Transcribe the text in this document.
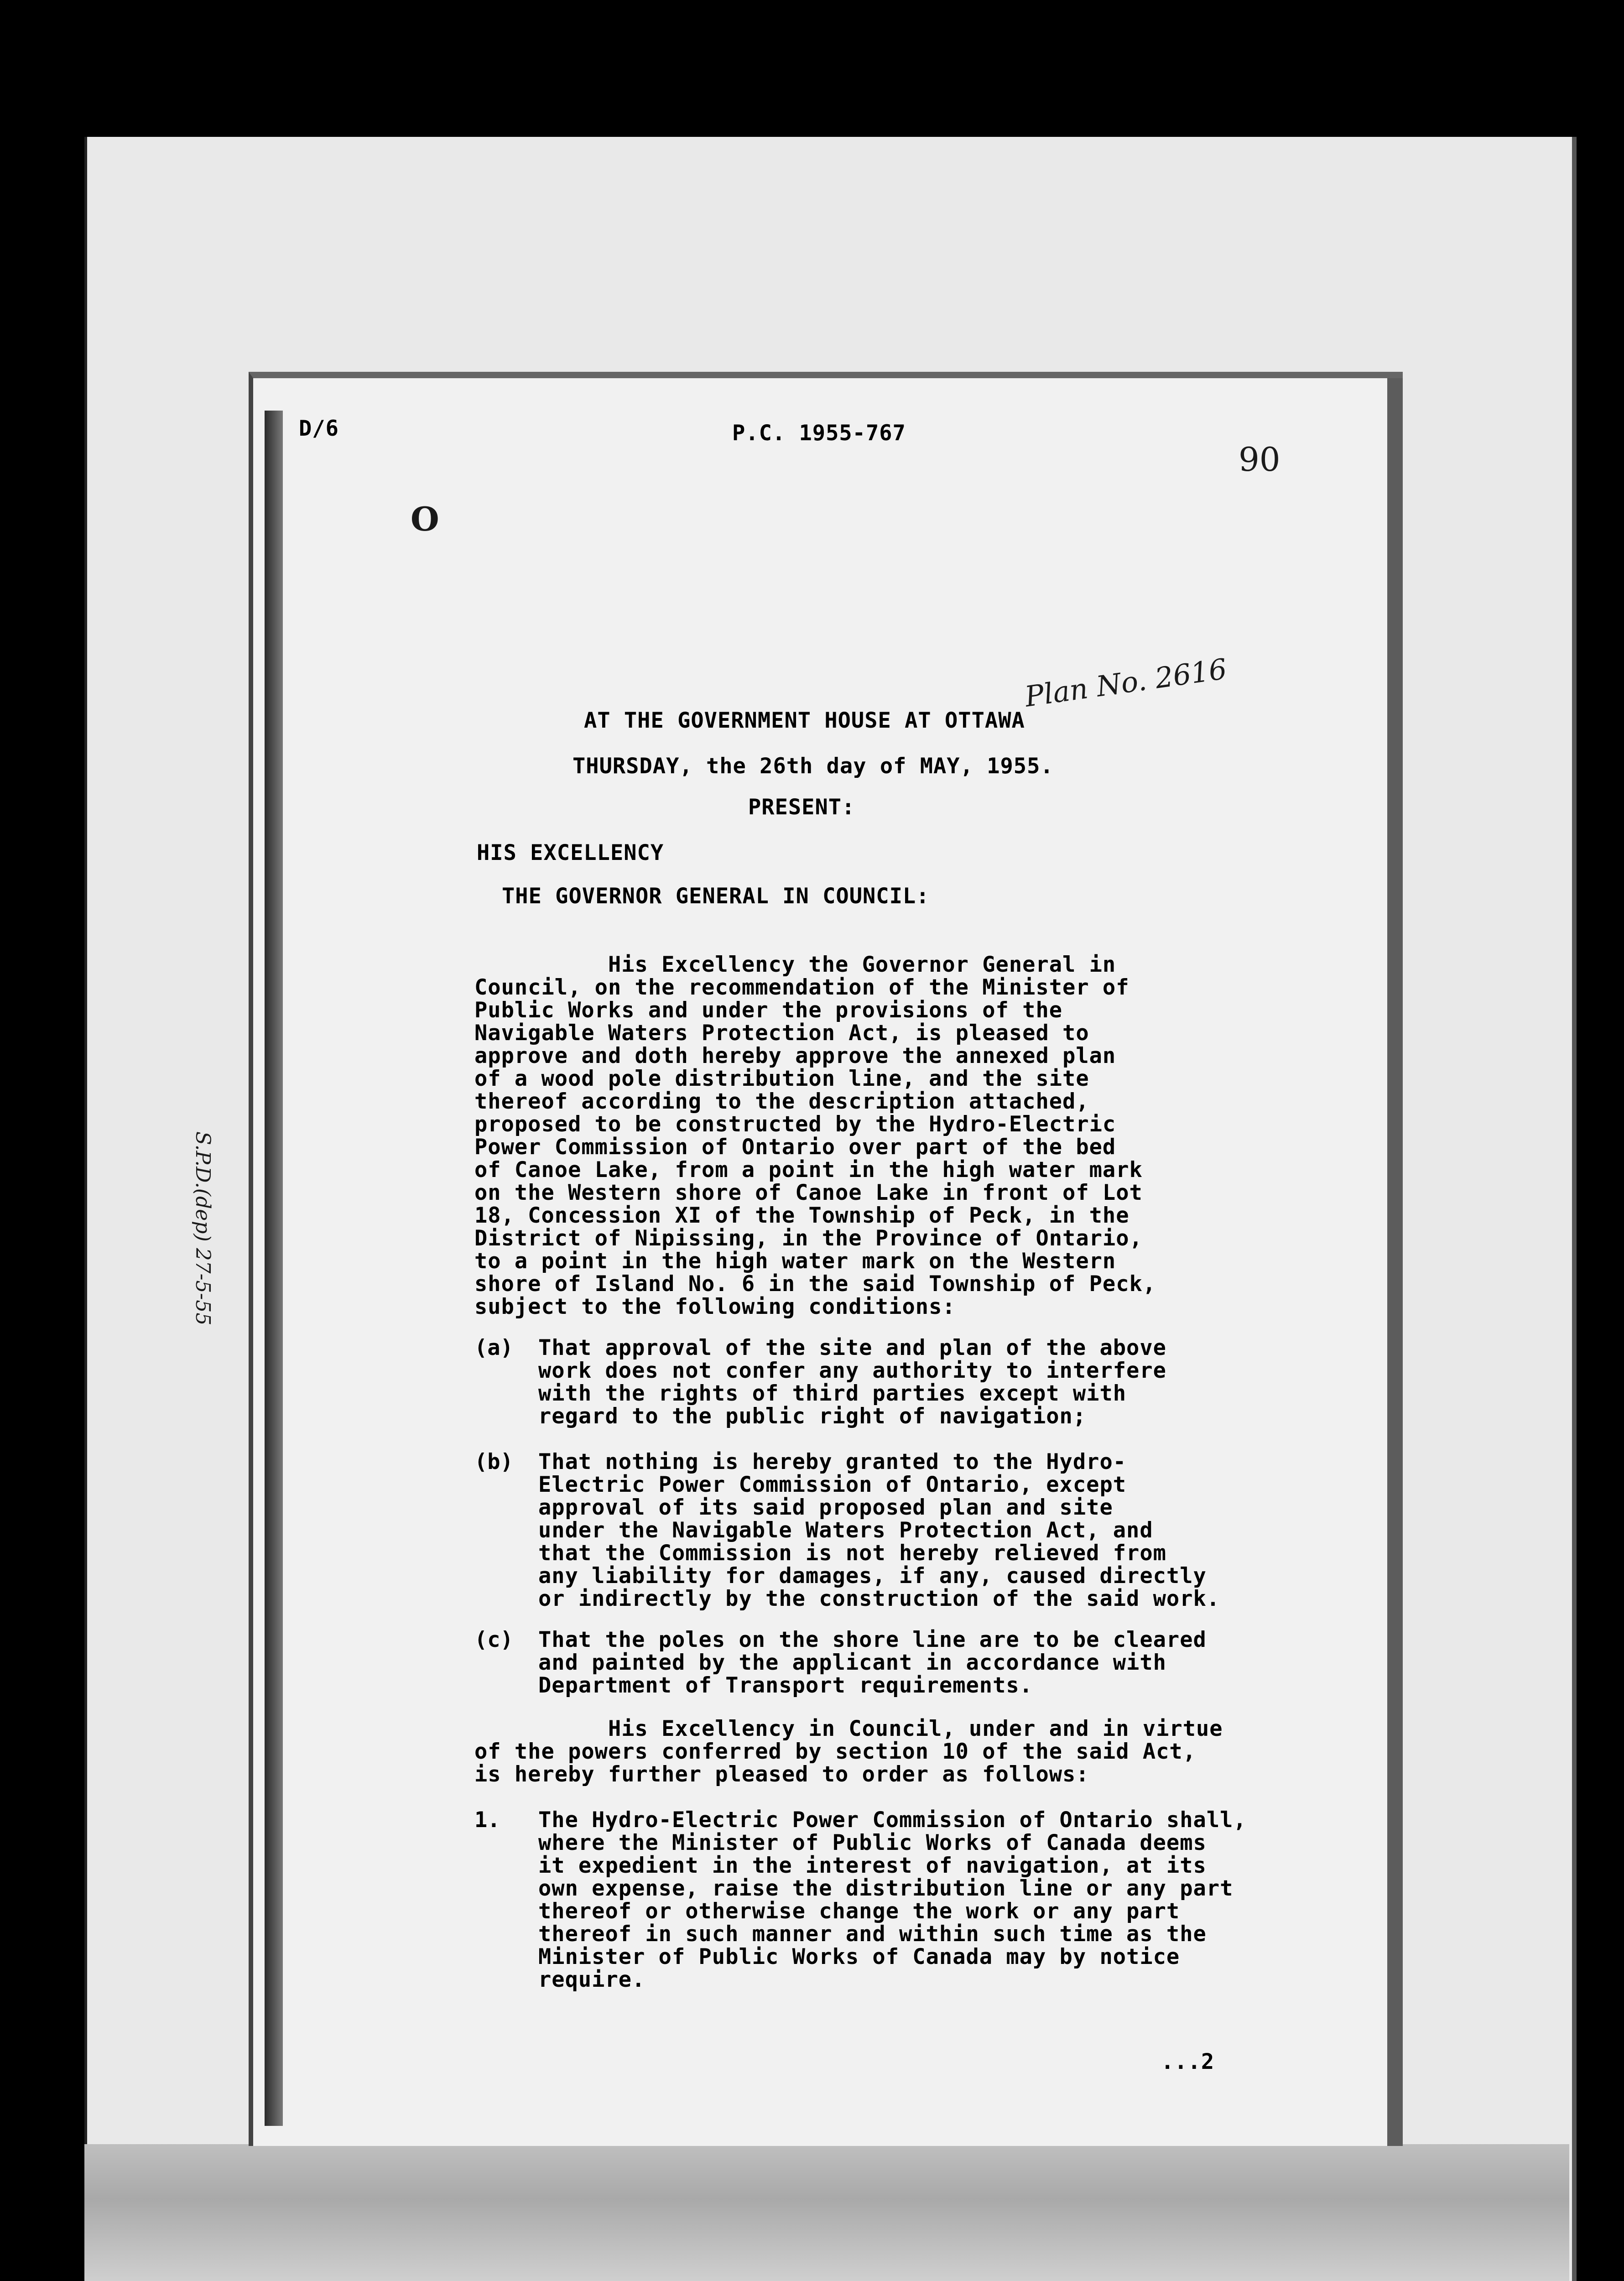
D/6	P.C. 1955-767
90
O
Plan No. 2616
S.P.D.(dep) 27-5-55
AT THE GOVERNMENT HOUSE AT OTTAWA
THURSDAY, the 26th day of MAY, 1955.
PRESENT:
HIS EXCELLENCY
THE GOVERNOR GENERAL IN COUNCIL:
His Excellency the Governor General in
Council, on the recommendation of the Minister of
Public Works and under the provisions of the
Navigable Waters Protection Act, is pleased to
approve and doth hereby approve the annexed plan
of a wood pole distribution line, and the site
thereof according to the description attached,
proposed to be constructed by the Hydro-Electric
Power Commission of Ontario over part of the bed
of Canoe Lake, from a point in the high water mark
on the Western shore of Canoe Lake in front of Lot
18, Concession XI of the Township of Peck, in the
District of Nipissing, in the Province of Ontario,
to a point in the high water mark on the Western
shore of Island No. 6 in the said Township of Peck,
subject to the following conditions:
(a) That approval of the site and plan of the above
work does not confer any authority to interfere
with the rights of third parties except with
regard to the public right of navigation;
(b) That nothing is hereby granted to the Hydro-
Electric Power Commission of Ontario, except
approval of its said proposed plan and site
under the Navigable Waters Protection Act, and
that the Commission is not hereby relieved from
any liability for damages, if any, caused directly
or indirectly by the construction of the said work.
(c) That the poles on the shore line are to be cleared
and painted by the applicant in accordance with
Department of Transport requirements.
His Excellency in Council, under and in virtue
of the powers conferred by section 10 of the said Act,
is hereby further pleased to order as follows:
1. The Hydro-Electric Power Commission of Ontario shall,
where the Minister of Public Works of Canada deems
it expedient in the interest of navigation, at its
own expense, raise the distribution line or any part
thereof or otherwise change the work or any part
thereof in such manner and within such time as the
Minister of Public Works of Canada may by notice
require.
...2
